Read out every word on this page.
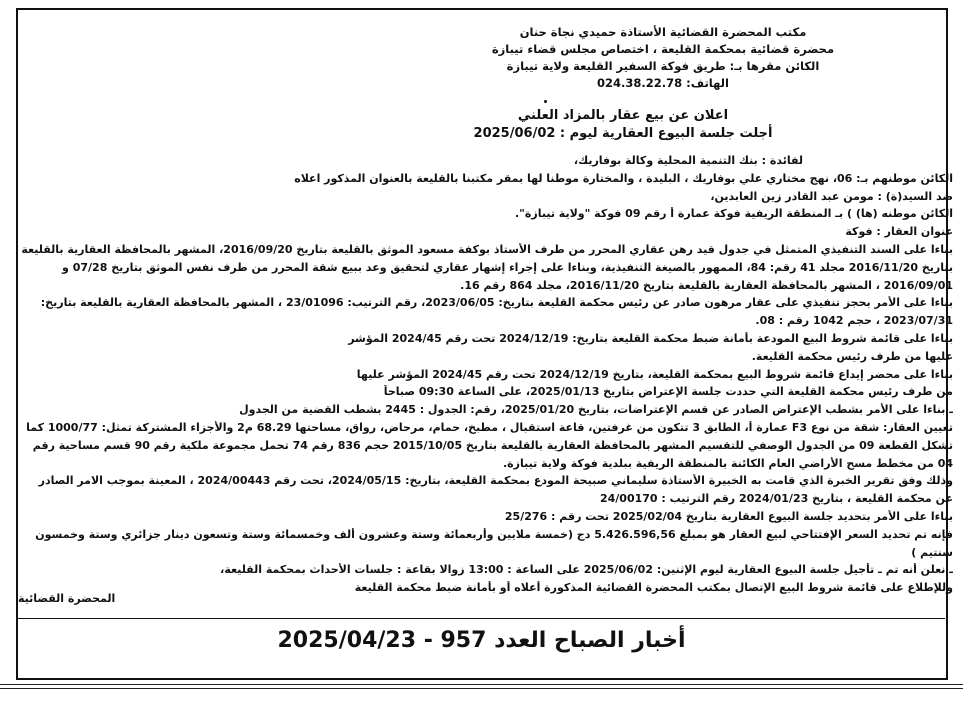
مكتب المحضرة القضائية الأستاذة حميدي نجاة حنان
محضرة قضائية بمحكمة القليعة ، اختصاص مجلس قضاء تيبازة
الكائن مقرها بـ: طريق فوكة السفير القليعة ولاية تيبازة
الهاتف: 024.38.22.78
اعلان عن بيع عقار بالمزاد العلني
أجلت جلسة البيوع العقارية ليوم : 2025/06/02
لفائدة : بنك التنمية المحلية وكالة بوفاريك،
الكائن موطنهم بـ: 06، نهج مختاري علي بوفاريك ، البليدة ، والمختارة موطنا لها بمقر مكتبنا بالقليعة بالعنوان المذكور اعلاه
ضد السيد(ة) : مومن عبد القادر زين العابدين،
الكائن موطنه (ها) ) بـ المنطقة الريفية فوكة عمارة أ رقم 09 فوكة "ولاية تيبازة".
عنوان العقار : فوكة
بناءا على السند التنفيذي المتمثل في جدول قيد رهن عقاري المحرر من طرف الأستاذ بوكفة مسعود الموثق بالقليعة بتاريخ 2016/09/20، المشهر بالمحافظة العقارية بالقليعة
بتاريخ 2016/11/20 مجلد 41 رقم: 84، الممهور بالصيغة التنفيذية، وبناءا على إجراء إشهار عقاري لتحقيق وعد ببيع شقة المحرر من طرف نفس الموثق بتاريخ 07/28 و
2016/09/01 ، المشهر بالمحافظة العقارية بالقليعة بتاريخ 2016/11/20، مجلد 864 رقم 16.
بناءا على الأمر بحجز تنفيذي على عقار مرهون صادر عن رئيس محكمة القليعة بتاريخ: 2023/06/05، رقم الترتيب: 23/01096 ، المشهر بالمحافظة العقارية بالقليعة بتاريخ:
2023/07/31 ، حجم 1042 رقم : 08.
بناءا على قائمة شروط البيع المودعة بأمانة ضبط محكمة القليعة بتاريخ: 2024/12/19 تحت رقم 2024/45 المؤشر
عليها من طرف رئيس محكمة القليعة.
بناءا على محضر إيداع قائمة شروط البيع بمحكمة القليعة، بتاريخ 2024/12/19 تحت رقم 2024/45 المؤشر عليها
من طرف رئيس محكمة القليعة التي حددت جلسة الإعتراض بتاريخ 2025/01/13، على الساعة 09:30 صباحاً
ـ بناءا على الأمر بشطب الإعتراض الصادر عن قسم الإعتراضات، بتاريخ 2025/01/20، رقم: الجدول : 2445 بشطب القضية من الجدول
تعيين العقار: شقة من نوع F3 عمارة أ، الطابق 3 تتكون من غرفتين، قاعة استقبال ، مطبخ، حمام، مرحاض، رواق، مساحتها 68.29 م2 والأجزاء المشتركة تمثل: 1000/77 كما
تشكل القطعة 09 من الجدول الوصفي للتقسيم المشهر بالمحافظة العقارية بالقليعة بتاريخ 2015/10/05 حجم 836 رقم 74 تحمل مجموعة ملكية رقم 90 قسم مساحية رقم
04 من مخطط مسح الأراضي العام الكائنة بالمنطقة الريفية ببلدية فوكة ولاية تيبازة.
وذلك وفق تقرير الخبرة الذي قامت به الخبيرة الأستاذة سليماني صبيحة المودع بمحكمة القليعة، بتاريخ: 2024/05/15، تحت رقم 2024/00443 ، المعينة بموجب الامر الصادر
عن محكمة القليعة ، بتاريخ 2024/01/23 رقم الترتيب : 24/00170
بناءا على الأمر بتحديد جلسة البيوع العقارية بتاريخ 2025/02/04 تحت رقم : 25/276
فإنه تم تحديد السعر الإفتتاحي لبيع العقار هو بمبلغ 5.426.596,56 دج (خمسة ملايين وأربعمائة وستة وعشرون ألف وخمسمائة وستة وتسعون دينار جزائري وستة وخمسون
سنتيم )
ـ نعلن أنه تم ـ تأجيل جلسة البيوع العقارية ليوم الإثنين: 2025/06/02 على الساعة : 13:00 زوالا بقاعة : جلسات الأحداث بمحكمة القليعة،
وللإطلاع على قائمة شروط البيع الإتصال بمكتب المحضرة القضائية المذكورة أعلاه أو بأمانة ضبط محكمة القليعة
المحضرة القضائية
أخبار الصباح العدد 957 - 2025/04/23
